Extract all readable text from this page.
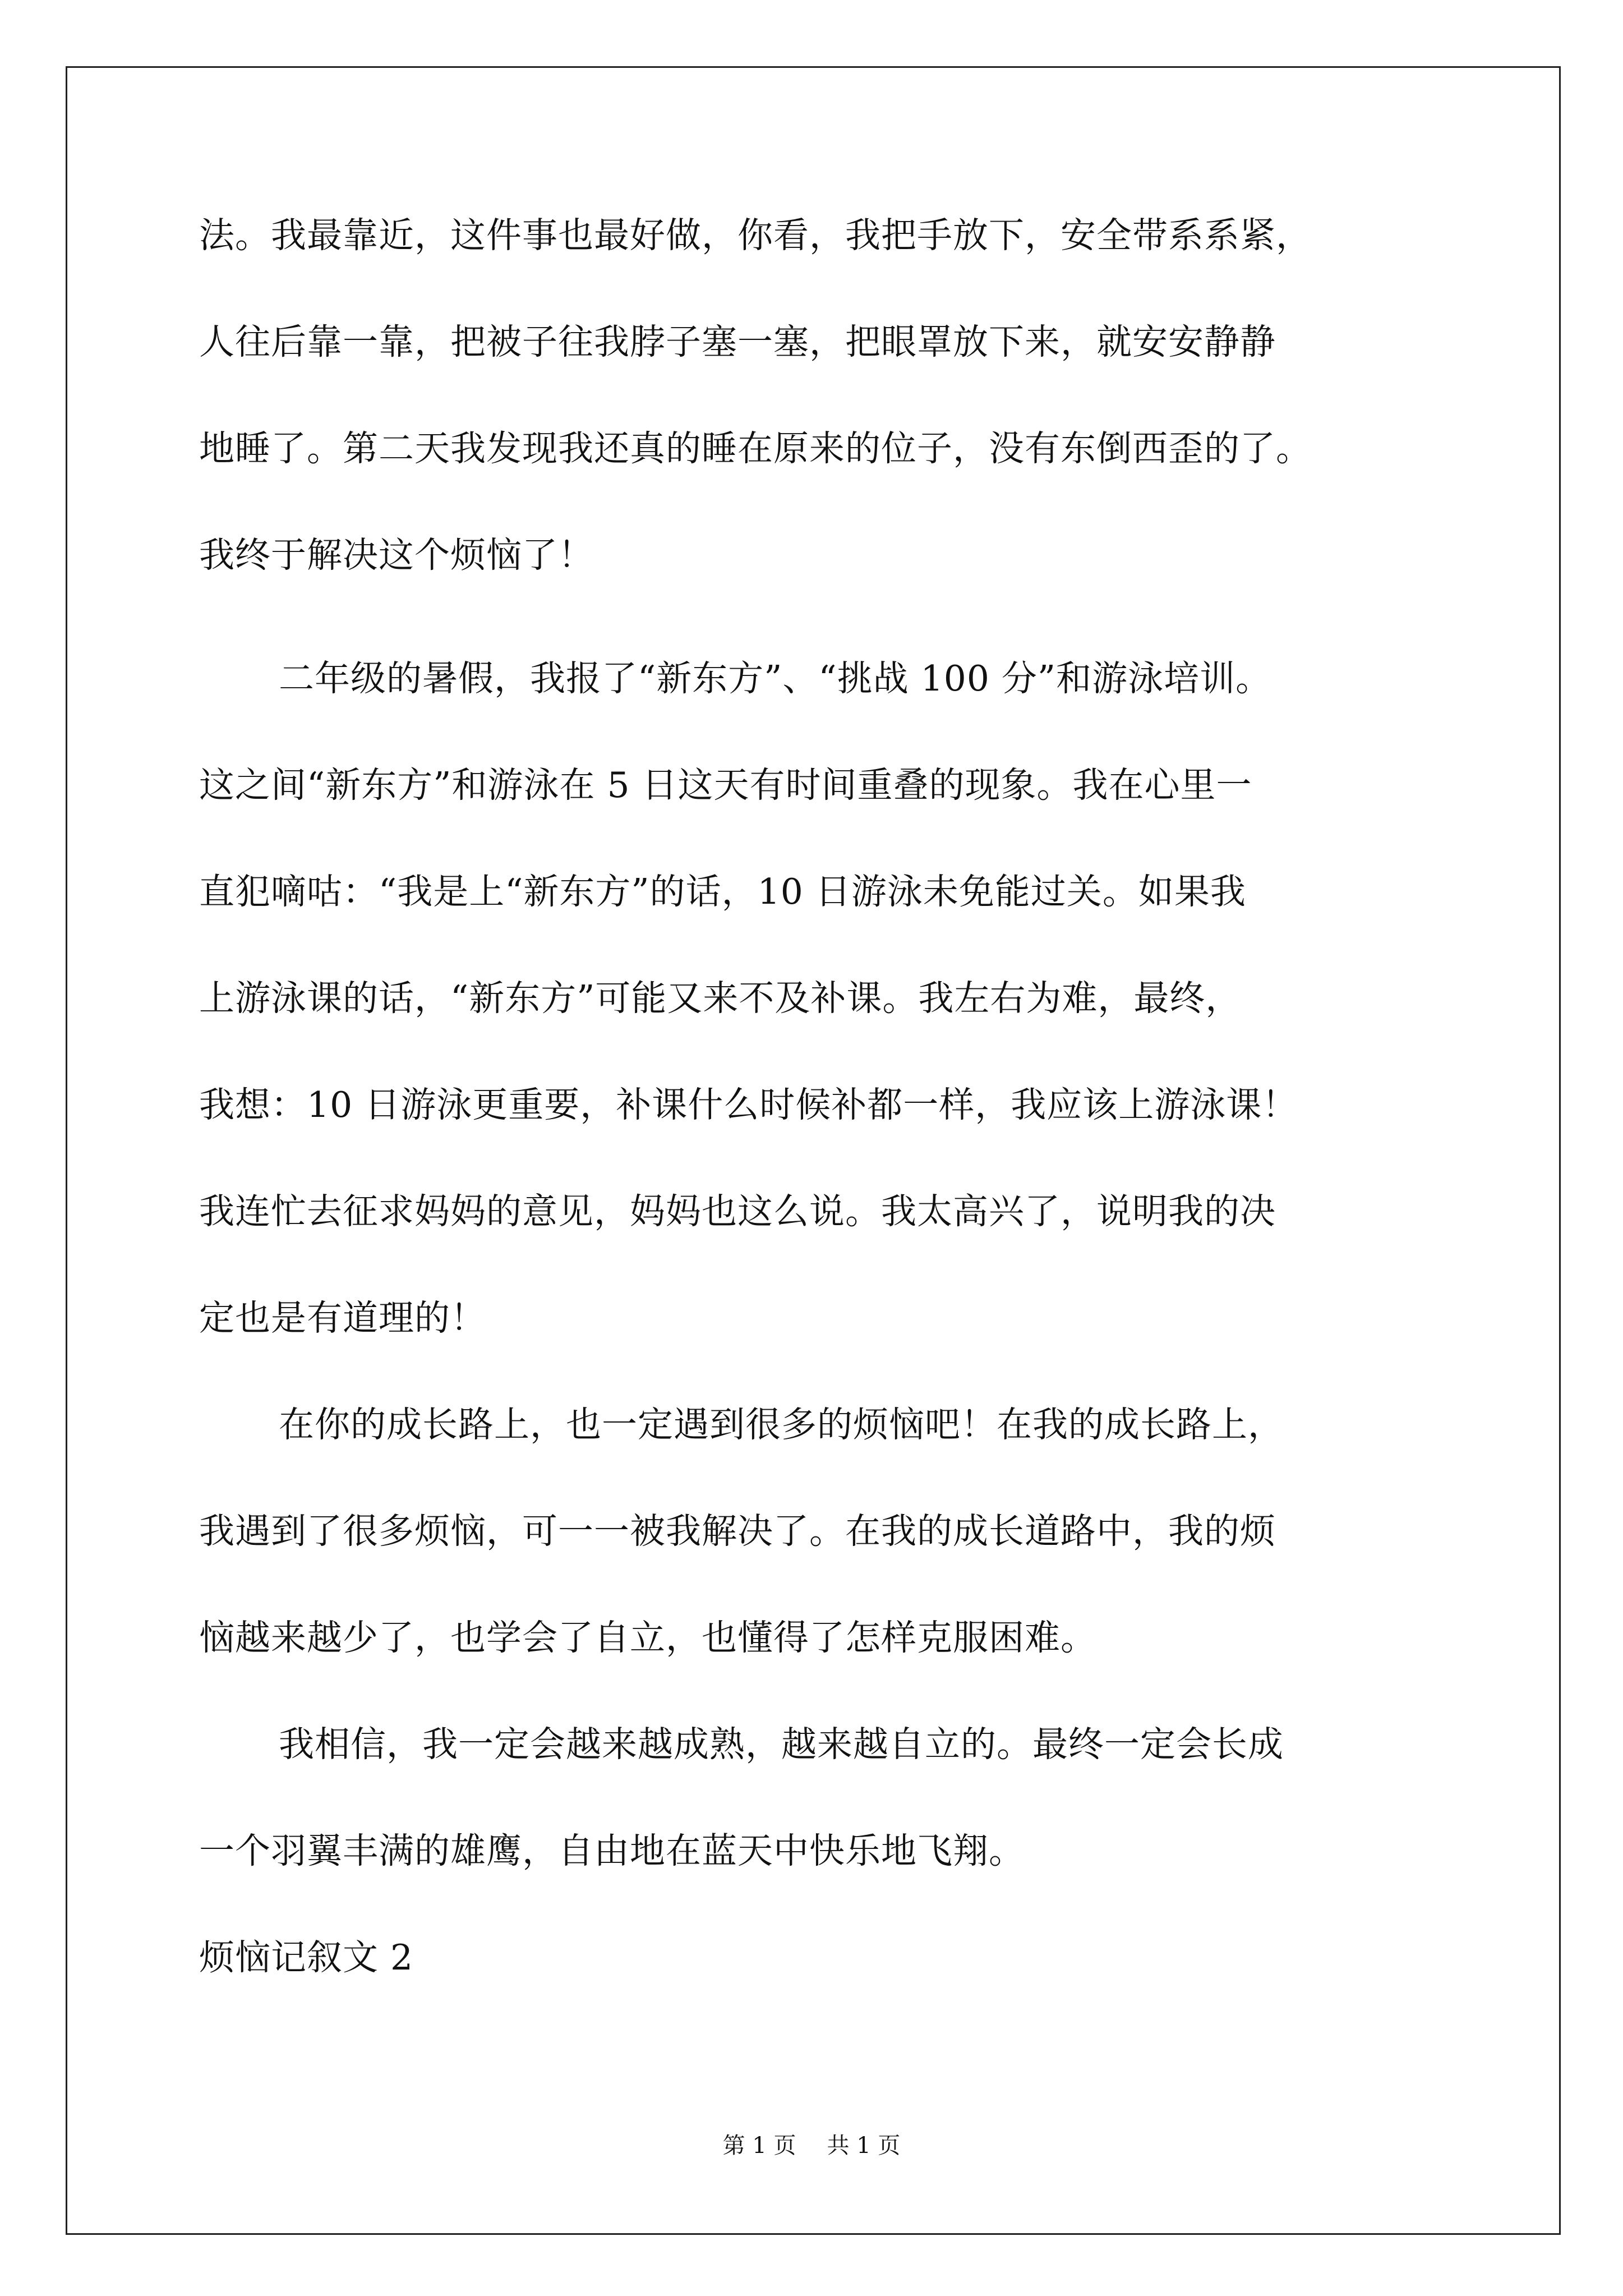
法。我最靠近，这件事也最好做，你看，我把手放下，安全带系系紧，
人往后靠一靠，把被子往我脖子塞一塞，把眼罩放下来，就安安静静
地睡了。第二天我发现我还真的睡在原来的位子，没有东倒西歪的了。
我终于解决这个烦恼了！
二年级的暑假，我报了“新东方”、“挑战 100 分”和游泳培训。
这之间“新东方”和游泳在 5 日这天有时间重叠的现象。我在心里一
直犯嘀咕：“我是上“新东方”的话，10 日游泳未免能过关。如果我
上游泳课的话，“新东方”可能又来不及补课。我左右为难，最终，
我想：10 日游泳更重要，补课什么时候补都一样，我应该上游泳课！
我连忙去征求妈妈的意见，妈妈也这么说。我太高兴了，说明我的决
定也是有道理的！
在你的成长路上，也一定遇到很多的烦恼吧！在我的成长路上，
我遇到了很多烦恼，可一一被我解决了。在我的成长道路中，我的烦
恼越来越少了，也学会了自立，也懂得了怎样克服困难。
我相信，我一定会越来越成熟，越来越自立的。最终一定会长成
一个羽翼丰满的雄鹰，自由地在蓝天中快乐地飞翔。
烦恼记叙文 2
第 1 页 共 1 页
